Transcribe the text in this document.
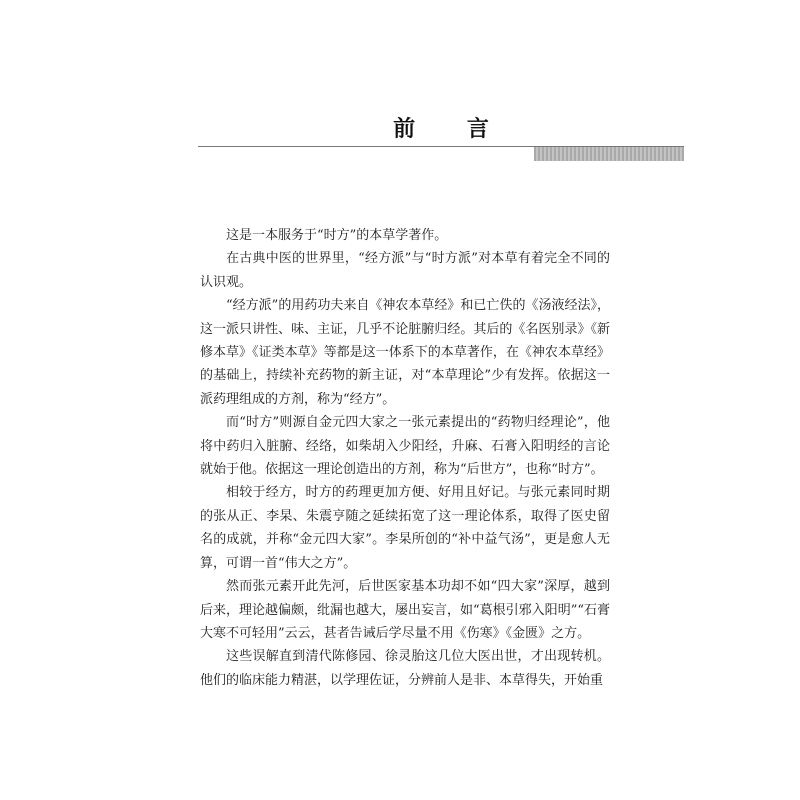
前 言

这是一本服务于“时方”的本草学著作。

在古典中医的世界里，“经方派”与“时方派”对本草有着完全不同的认识观。

“经方派”的用药功夫来自《神农本草经》和已亡佚的《汤液经法》，这一派只讲性、味、主证，几乎不论脏腑归经。其后的《名医别录》《新修本草》《证类本草》等都是这一体系下的本草著作，在《神农本草经》的基础上，持续补充药物的新主证，对“本草理论”少有发挥。依据这一派药理组成的方剂，称为“经方”。

而“时方”则源自金元四大家之一张元素提出的“药物归经理论”，他将中药归入脏腑、经络，如柴胡入少阳经，升麻、石膏入阳明经的言论就始于他。依据这一理论创造出的方剂，称为“后世方”，也称“时方”。

相较于经方，时方的药理更加方便、好用且好记。与张元素同时期的张从正、李杲、朱震亨随之延续拓宽了这一理论体系，取得了医史留名的成就，并称“金元四大家”。李杲所创的“补中益气汤”，更是愈人无算，可谓一首“伟大之方”。

然而张元素开此先河，后世医家基本功却不如“四大家”深厚，越到后来，理论越偏颇，纰漏也越大，屡出妄言，如“葛根引邪入阳明”“石膏大寒不可轻用”云云，甚者告诫后学尽量不用《伤寒》《金匮》之方。

这些误解直到清代陈修园、徐灵胎这几位大医出世，才出现转机。他们的临床能力精湛，以学理佐证，分辨前人是非、本草得失，开始重
